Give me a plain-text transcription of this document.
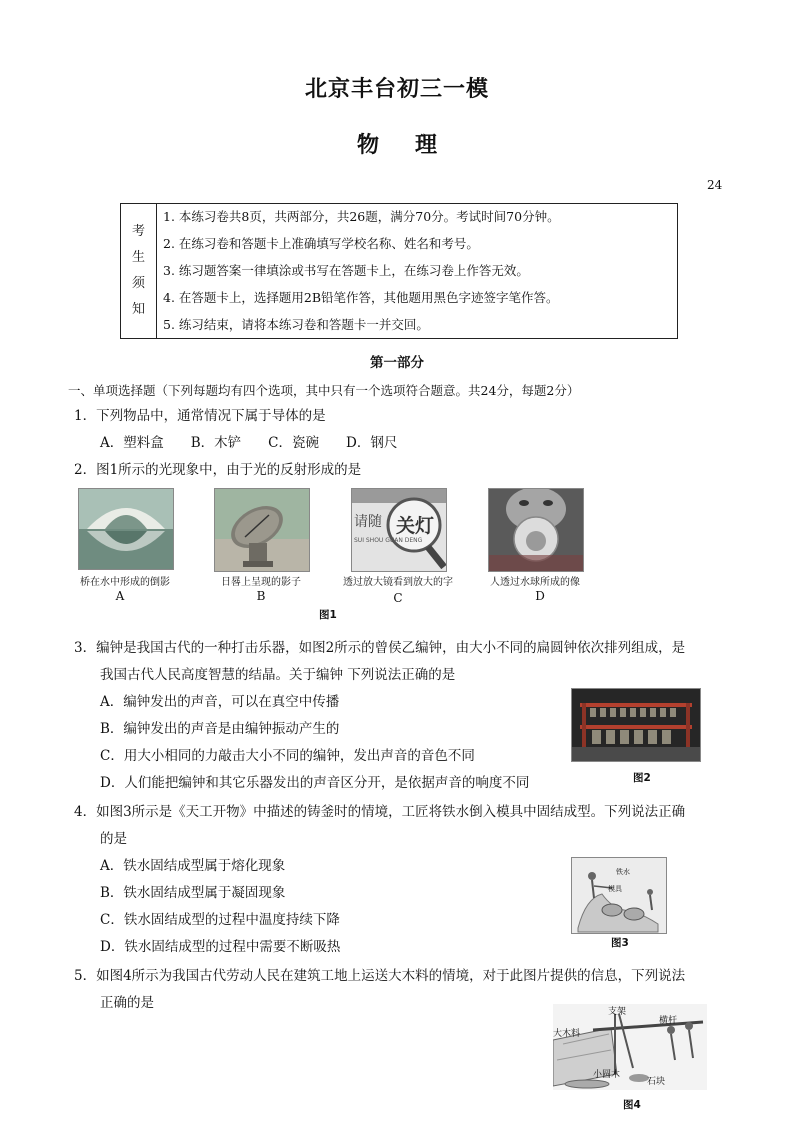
北京丰台初三一模
物理
24
考
生
须
知
1. 本练习卷共8页，共两部分，共26题，满分70分。考试时间70分钟。
2. 在练习卷和答题卡上准确填写学校名称、姓名和考号。
3. 练习题答案一律填涂或书写在答题卡上，在练习卷上作答无效。
4. 在答题卡上，选择题用2B铅笔作答，其他题用黑色字迹签字笔作答。
5. 练习结束，请将本练习卷和答题卡一并交回。
第一部分
一、单项选择题（下列每题均有四个选项，其中只有一个选项符合题意。共24分，每题2分）
1．下列物品中，通常情况下属于导体的是
A．塑料盒　　B．木铲　　C．瓷碗　　D．钢尺
2．图1所示的光现象中，由于光的反射形成的是
桥在水中形成的倒影
A
日晷上呈现的影子
B
请随 关灯
SUI SHOU GUAN DENG
透过放大镜看到放大的字
C
人透过水球所成的像
D
图1
3．编钟是我国古代的一种打击乐器，如图2所示的曾侯乙编钟，由大小不同的扁圆钟依次排列组成，是
我国古代人民高度智慧的结晶。关于编钟 下列说法正确的是
A．编钟发出的声音，可以在真空中传播
B．编钟发出的声音是由编钟振动产生的
C．用大小相同的力敲击大小不同的编钟，发出声音的音色不同
D．人们能把编钟和其它乐器发出的声音区分开，是依据声音的响度不同	图2
4．如图3所示是《天工开物》中描述的铸釜时的情境，工匠将铁水倒入模具中固结成型。下列说法正确
的是
A．铁水固结成型属于熔化现象
B．铁水固结成型属于凝固现象
C．铁水固结成型的过程中温度持续下降
D．铁水固结成型的过程中需要不断吸热
铁水
模具
图3
5．如图4所示为我国古代劳动人民在建筑工地上运送大木料的情境，对于此图片提供的信息，下列说法
正确的是
支架
横杆
大木料
小圆木
石块
图4
